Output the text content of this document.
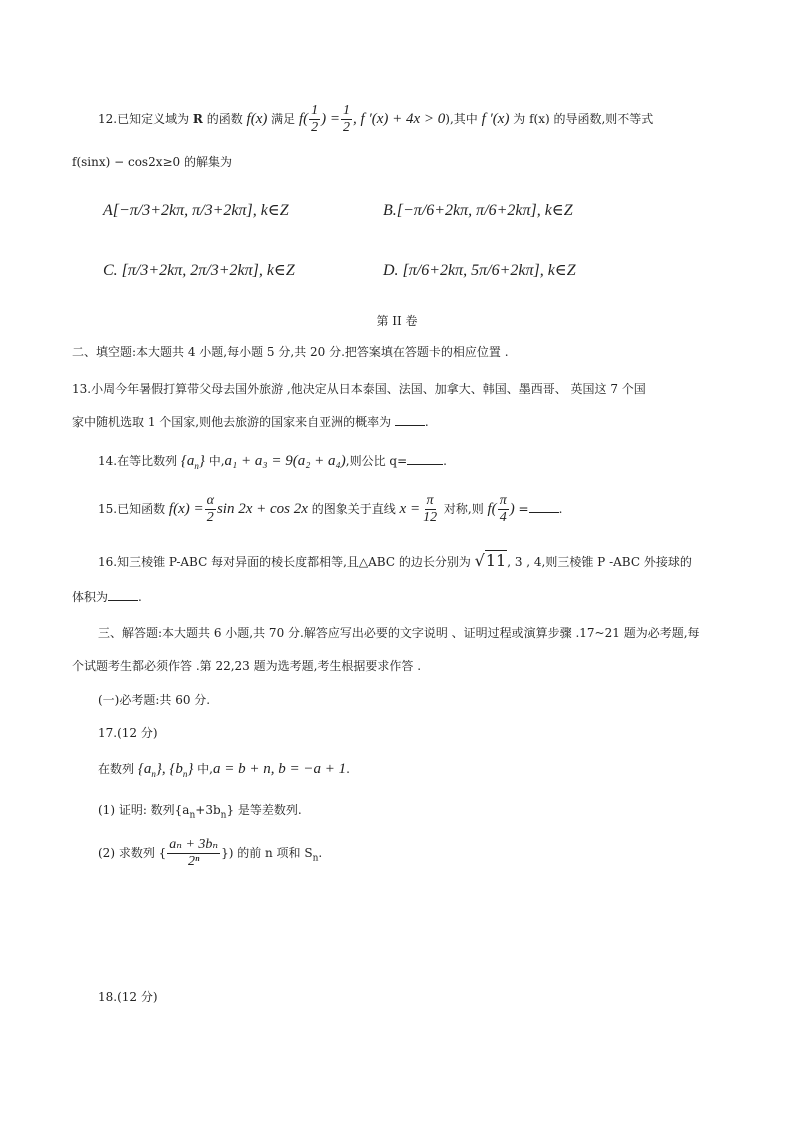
12.已知定义域为 R 的函数 f(x) 满足 $f( \frac{1}{2}$ ) = $\frac{1}{2}$ , f ′(x) + 4x > 0),其中 f ′(x) 为 f(x) 的导函数,则不等式
f(sinx) − cos2x≥0 的解集为
A[−π/3+2kπ, π/3+2kπ], k∈Z	B.[−π/6+2kπ, π/6+2kπ], k∈Z
C. [π/3+2kπ, 2π/3+2kπ], k∈Z	D. [π/6+2kπ, 5π/6+2kπ], k∈Z
第 II 卷
二、填空题:本大题共 4 小题,每小题 5 分,共 20 分.把答案填在答题卡的相应位置 .
13.小周今年暑假打算带父母去国外旅游 ,他决定从日本泰国、法国、加拿大、韩国、墨西哥、 英国这 7 个国
家中随机选取 1 个国家,则他去旅游的国家来自亚洲的概率为	.
14.在等比数列 $\{a_n\}$ 中,a₁ + a₃ = 9(a₂ + a₄),则公比 q=	.
15.已知函数 $f(x) = \frac{\alpha}{2}$ sin 2x + cos 2x 的图象关于直线 $x = \frac{\pi}{12}$ 对称,则 $f( \frac{\pi}{4}$ ) =	.
16.知三棱锥 P-ABC 每对异面的棱长度都相等,且△ABC 的边长分别为 √11, 3 , 4,则三棱锥 P -ABC 外接球的
体积为	.
三、解答题:本大题共 6 小题,共 70 分.解答应写出必要的文字说明 、证明过程或演算步骤 .17~21 题为必考题,每
个试题考生都必须作答 .第 22,23 题为选考题,考生根据要求作答 .
(一)必考题:共 60 分.
17.(12 分)
在数列 $\{a_n\}$, $\{b_n\}$ 中,a = b + n, b = −a + 1.
(1) 证明: 数列$\{a_n+3b_n\}$ 是等差数列.
(2) 求数列 { $\frac{\text{aₙ + 3bₙ}}{\text{2ⁿ}}$ }) 的前 n 项和 $S_n$.
18.(12 分)
